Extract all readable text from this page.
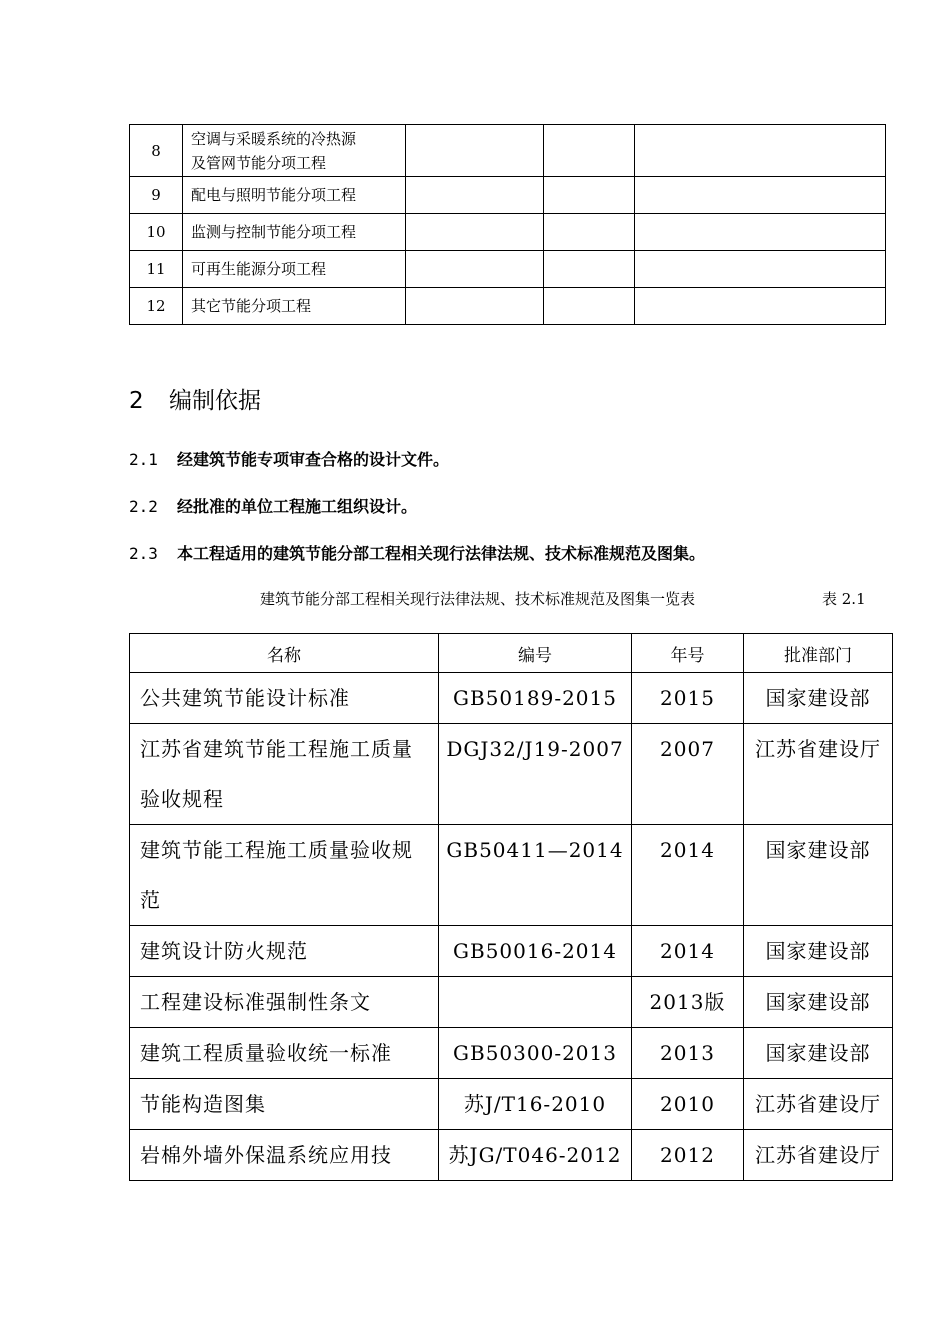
8	空调与采暖系统的冷热源
及管网节能分项工程			

9	配电与照明节能分项工程			
10	监测与控制节能分项工程			
11	可再生能源分项工程			
12	其它节能分项工程			
2 编制依据
2.1 经建筑节能专项审查合格的设计文件。
2.2 经批准的单位工程施工组织设计。
2.3 本工程适用的建筑节能分部工程相关现行法律法规、技术标准规范及图集。
建筑节能分部工程相关现行法律法规、技术标准规范及图集一览表	表 2.1
名称	编号	年号	批准部门
公共建筑节能设计标准	GB50189-2015	2015	国家建设部
江苏省建筑节能工程施工质量验收规程	DGJ32/J19-2007	2007	江苏省建设厅
建筑节能工程施工质量验收规范	GB50411—2014	2014	国家建设部
建筑设计防火规范	GB50016-2014	2014	国家建设部
工程建设标准强制性条文		2013版	国家建设部
建筑工程质量验收统一标准	GB50300-2013	2013	国家建设部
节能构造图集	苏J/T16-2010	2010	江苏省建设厅
岩棉外墙外保温系统应用技	苏JG/T046-2012	2012	江苏省建设厅
